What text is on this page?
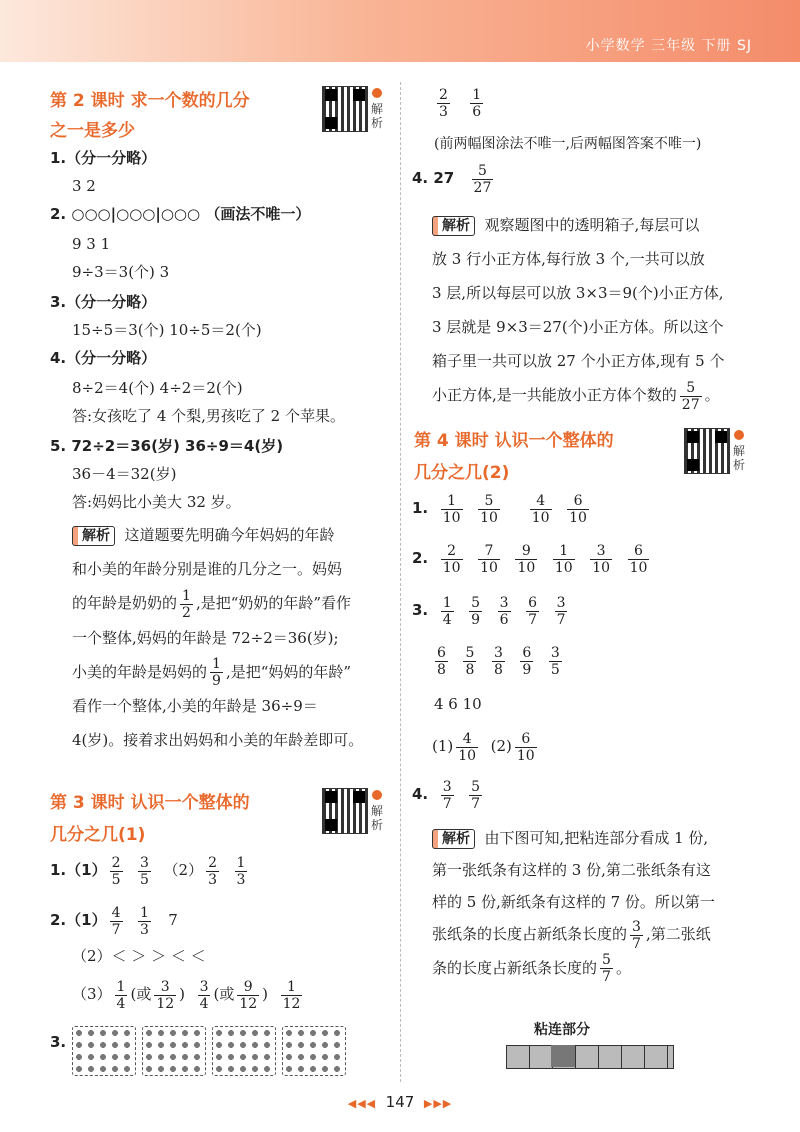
小学数学 三年级 下册 SJ
第 2 课时 求一个数的几分
之一是多少
解析
1.（分一分略）
3 2
2. ○○○|○○○|○○○ （画法不唯一）
9 3 1
9÷3＝3(个) 3
3.（分一分略）
15÷5＝3(个) 10÷5＝2(个)
4.（分一分略）
8÷2＝4(个) 4÷2＝2(个)
答:女孩吃了 4 个梨,男孩吃了 2 个苹果。
5. 72÷2＝36(岁) 36÷9＝4(岁)
36－4＝32(岁)
答:妈妈比小美大 32 岁。
解析 这道题要先明确今年妈妈的年龄
和小美的年龄分别是谁的几分之一。妈妈
的年龄是奶奶的 $\frac{1}{2}$ ,是把“奶奶的年龄”看作
一个整体,妈妈的年龄是 72÷2＝36(岁);
小美的年龄是妈妈的 $\frac{1}{9}$ ,是把“妈妈的年龄”
看作一个整体,小美的年龄是 36÷9＝
4(岁)。接着求出妈妈和小美的年龄差即可。
第 3 课时 认识一个整体的
几分之几(1)
解析
$1.(1) \frac{2}{5}$
$\frac{3}{5} (2) \frac{2}{3}$
$\frac{1}{3}$
$2.(1) \frac{4}{7}$
$\frac{1}{3} 7$
（2）＜ ＞ ＞ ＜ ＜
$(3) \frac{1}{4}$ (或 $\frac{3}{12}$ ) $\frac{3}{4}$ (或 $\frac{9}{12}$ ) $\frac{1}{12}$
3.
$\frac{2}{3}$
$\frac{1}{6}$
(前两幅图涂法不唯一,后两幅图答案不唯一)
4. $27 \frac{5}{27}$
解析 观察题图中的透明箱子,每层可以
放 3 行小正方体,每行放 3 个,一共可以放
3 层,所以每层可以放 3×3＝9(个)小正方体,
3 层就是 9×3＝27(个)小正方体。所以这个
箱子里一共可以放 27 个小正方体,现有 5 个
小正方体,是一共能放小正方体个数的 $\frac{5}{27}$ 。
第 4 课时 认识一个整体的
几分之几(2)
解析
1. $\frac{1}{10}$
$\frac{5}{10}$
$\frac{4}{10}$
$\frac{6}{10}$
2. $\frac{2}{10}$
$\frac{7}{10}$
$\frac{9}{10}$
$\frac{1}{10}$
$\frac{3}{10}$
$\frac{6}{10}$
3. $\frac{1}{4}$
$\frac{5}{9}$
$\frac{3}{6}$
$\frac{6}{7}$
$\frac{3}{7}$
$\frac{6}{8}$
$\frac{5}{8}$
$\frac{3}{8}$
$\frac{6}{9}$
$\frac{3}{5}$
4 6 10
$(1) \frac{4}{10} (2) \frac{6}{10}$
4. $\frac{3}{7}$
$\frac{5}{7}$
解析 由下图可知,把粘连部分看成 1 份,
第一张纸条有这样的 3 份,第二张纸条有这
样的 5 份,新纸条有这样的 7 份。所以第一
张纸条的长度占新纸条长度的 $\frac{3}{7}$ ,第二张纸
条的长度占新纸条长度的 $\frac{5}{7}$ 。
粘连部分
◀◀◀ 147 ▶▶▶
